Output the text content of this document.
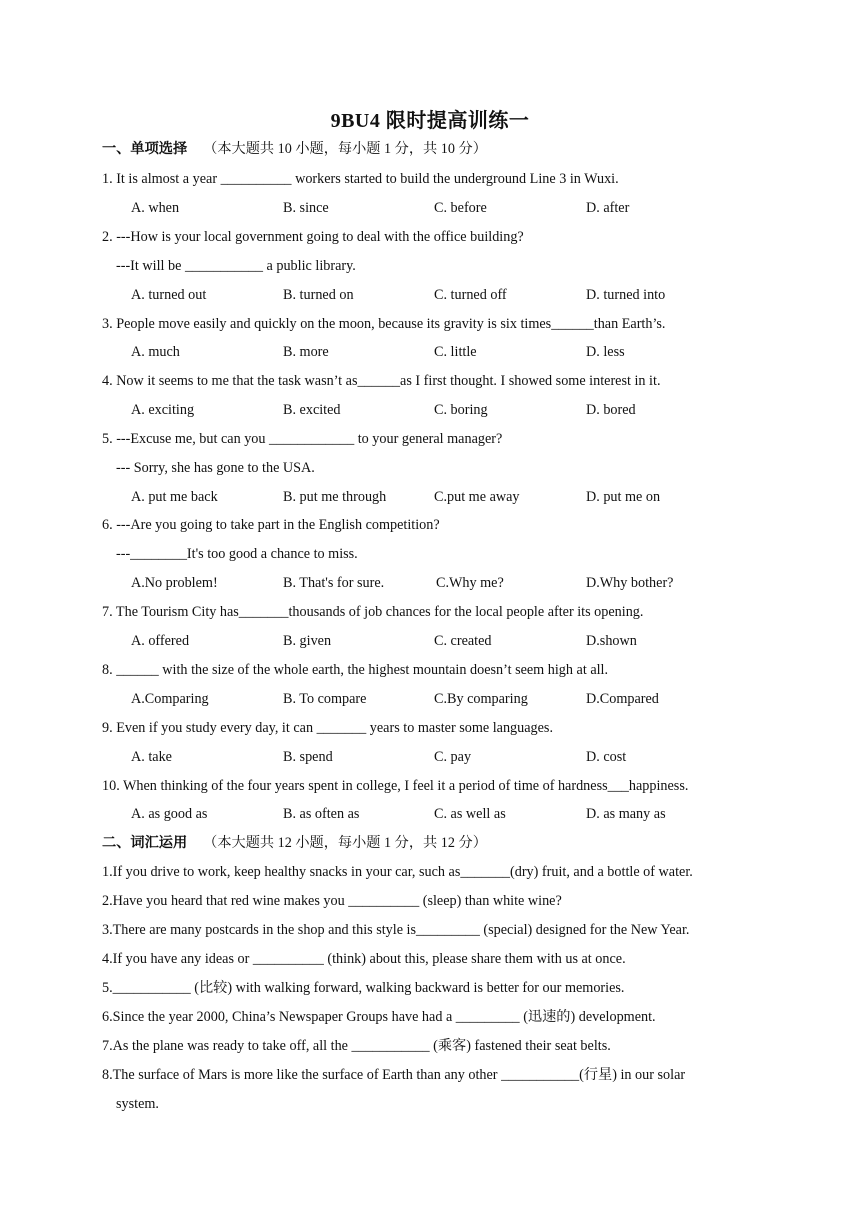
9BU4 限时提高训练一
一、单项选择 （本大题共 10 小题，每小题 1 分，共 10 分）
1. It is almost a year __________ workers started to build the underground Line 3 in Wuxi.
A. when	B. since	C. before	D. after
2. ---How is your local government going to deal with the office building?
---It will be ___________ a public library.
A. turned out	B. turned on	C. turned off	D. turned into
3. People move easily and quickly on the moon, because its gravity is six times______than Earth’s.
A. much	B. more	C. little	D. less
4. Now it seems to me that the task wasn’t as______as I first thought. I showed some interest in it.
A. exciting	B. excited	C. boring	D. bored
5. ---Excuse me, but can you ____________ to your general manager?
--- Sorry, she has gone to the USA.
A. put me back	B. put me through	C.put me away	D. put me on
6. ---Are you going to take part in the English competition?
---________It's too good a chance to miss.
A.No problem!	B. That's for sure.	C.Why me?	D.Why bother?
7. The Tourism City has_______thousands of job chances for the local people after its opening.
A. offered	B. given	C. created	D.shown
8. ______ with the size of the whole earth, the highest mountain doesn’t seem high at all.
A.Comparing	B. To compare	C.By comparing	D.Compared
9. Even if you study every day, it can _______ years to master some languages.
A. take	B. spend	C. pay	D. cost
10. When thinking of the four years spent in college, I feel it a period of time of hardness___happiness.
A. as good as	B. as often as	C. as well as	D. as many as
二、词汇运用 （本大题共 12 小题，每小题 1 分，共 12 分）
1.If you drive to work, keep healthy snacks in your car, such as_______(dry) fruit, and a bottle of water.
2.Have you heard that red wine makes you __________ (sleep) than white wine?
3.There are many postcards in the shop and this style is_________ (special) designed for the New Year.
4.If you have any ideas or __________ (think) about this, please share them with us at once.
5.___________ (比较) with walking forward, walking backward is better for our memories.
6.Since the year 2000, China’s Newspaper Groups have had a _________ (迅速的) development.
7.As the plane was ready to take off, all the ___________ (乘客) fastened their seat belts.
8.The surface of Mars is more like the surface of Earth than any other ___________(行星) in our solar
system.
